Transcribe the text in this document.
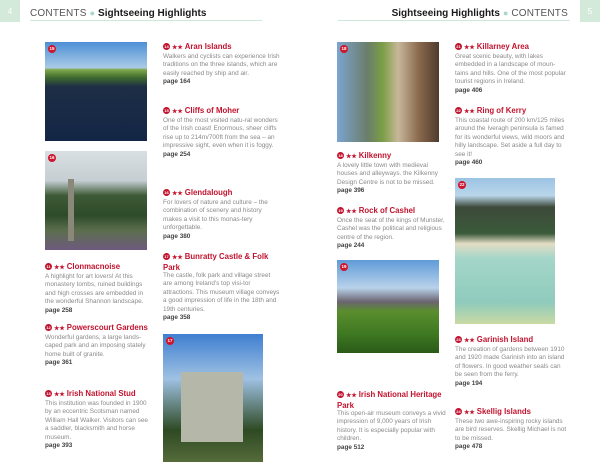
4	CONTENTS ● Sightseeing Highlights	Sightseeing Highlights ● CONTENTS	5
15
16
17
18
19
22
14 ★★ Aran Islands
Walkers and cyclists can experience Irish traditions on the three islands, which are easily reached by ship and air.
page 164
15 ★★ Cliffs of Moher
One of the most visited natu-ral wonders of the Irish coast! Enormous, sheer cliffs rise up to 214m/700ft from the sea – an impressive sight, even when it is foggy.
page 254
16 ★★ Glendalough
For lovers of nature and culture – the combination of scenery and history makes a visit to this monas-tery unforgettable.
page 380
17 ★★ Bunratty Castle & Folk Park
The castle, folk park and village street are among Ireland's top visi-tor attractions. This museum village conveys a good impression of life in the 18th and 19th centuries.
page 358
11 ★★ Clonmacnoise
A highlight for art lovers! At this monastery tombs, ruined buildings and high crosses are embedded in the wonderful Shannon landscape.
page 258
12 ★★ Powerscourt Gardens
Wonderful gardens, a large lands-caped park and an imposing stately home built of granite.
page 361
13 ★★ Irish National Stud
This institution was founded in 1900 by an eccentric Scotsman named William Hall Walker. Visitors can see a saddler, blacksmith and horse museum.
page 393
18 ★★ Kilkenny
A lovely little town with medieval houses and alleyways. the Kilkenny Design Centre is not to be missed.
page 396
19 ★★ Rock of Cashel
Once the seat of the kings of Munster, Cashel was the political and religious centre of the region.
page 244
20 ★★ Irish National Heritage Park
This open-air museum conveys a vivid impression of 9,000 years of Irish history. It is especially popular with children.
page 512
21 ★★ Killarney Area
Great scenic beauty, with lakes embedded in a landscape of moun-tains and hills. One of the most popular tourist regions in Ireland.
page 406
22 ★★ Ring of Kerry
This coastal route of 200 km/125 miles around the Iveragh peninsula is famed for its wonderful views, wild moors and hilly landscape. Set aside a full day to see it!
page 460
23 ★★ Garinish Island
The creation of gardens between 1910 and 1920 made Garinish into an island of flowers. In good weather seals can be seen from the ferry.
page 194
24 ★★ Skellig Islands
These two awe-inspiring rocky islands are bird reserves. Skellig Michael is not to be missed.
page 478
